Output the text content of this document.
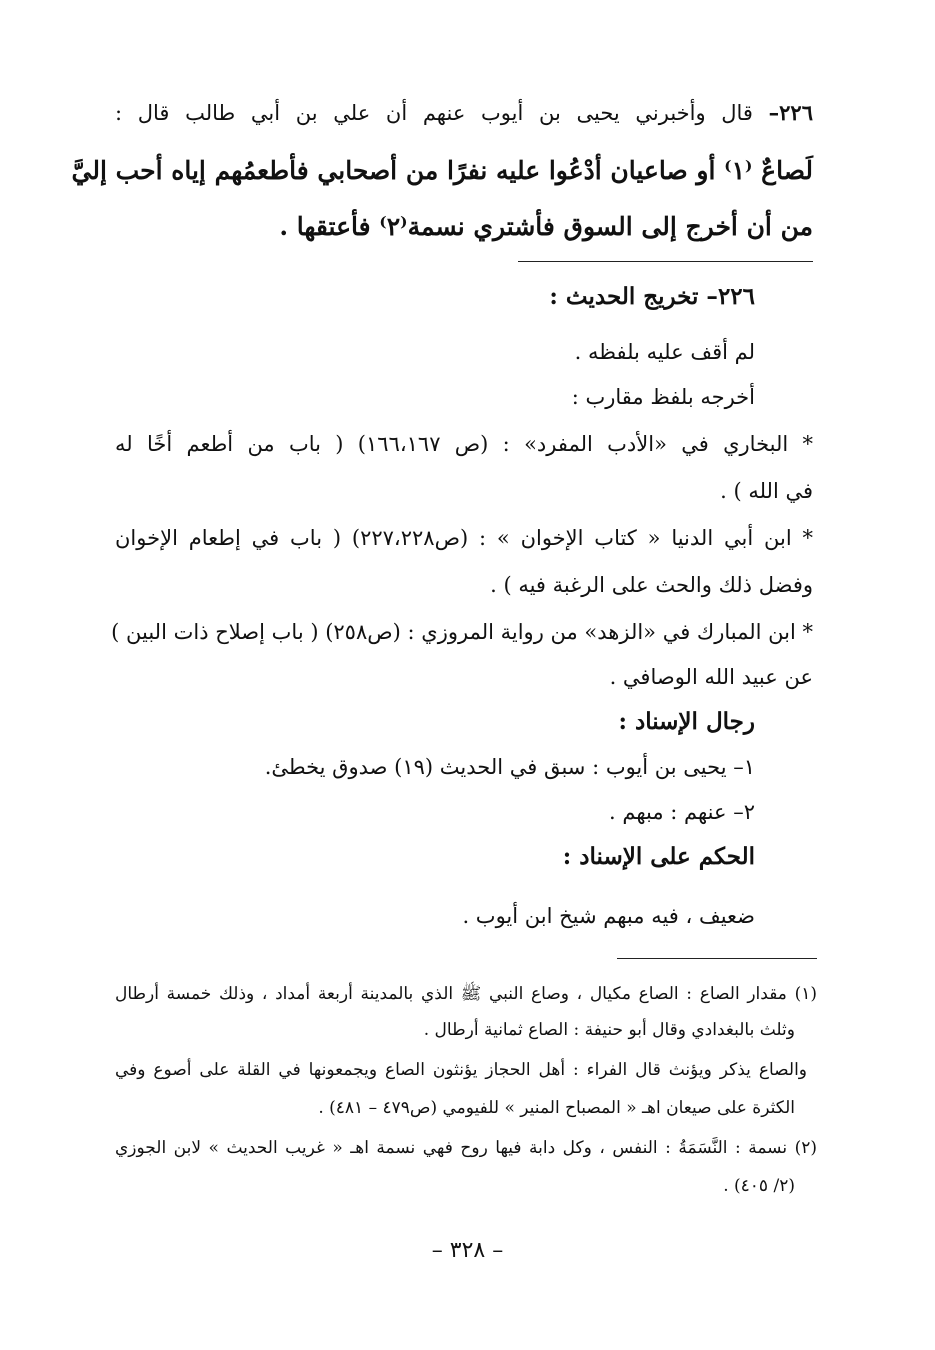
٢٢٦– قال وأخبرني يحيى بن أيوب عنهم أن علي بن أبي طالب قال :
لَصاعٌ ⁽١⁾ أو صاعيان أدْعُوا عليه نفرًا من أصحابي فأطعمُهم إياه أحب إليَّ
من أن أخرج إلى السوق فأشتري نسمة⁽٢⁾ فأعتقها .
٢٢٦– تخريج الحديث :
لم أقف عليه بلفظه .
أخرجه بلفظ مقارب :
* البخاري في «الأدب المفرد» : (ص ١٦٦،١٦٧) ( باب من أطعم أخًا له
في الله ) .
* ابن أبي الدنيا « كتاب الإخوان » : (ص٢٢٧،٢٢٨) ( باب في إطعام الإخوان
وفضل ذلك والحث على الرغبة فيه ) .
* ابن المبارك في «الزهد» من رواية المروزي : (ص٢٥٨) ( باب إصلاح ذات البين )
عن عبيد الله الوصافي .
رجال الإسناد :
١– يحيى بن أيوب : سبق في الحديث (١٩) صدوق يخطئ.
٢– عنهم : مبهم .
الحكم على الإسناد :
ضعيف ، فيه مبهم شيخ ابن أيوب .
(١) مقدار الصاع : الصاع مكيال ، وصاع النبي ﷺ الذي بالمدينة أربعة أمداد ، وذلك خمسة أرطال
وثلث بالبغدادي وقال أبو حنيفة : الصاع ثمانية أرطال .
والصاع يذكر ويؤنث قال الفراء : أهل الحجاز يؤنثون الصاع ويجمعونها في القلة على أصوع وفي
الكثرة على صيعان اهـ « المصباح المنير » للفيومي (ص٤٧٩ – ٤٨١) .
(٢) نسمة : النَّسَمَةُ : النفس ، وكل دابة فيها روح فهي نسمة اهـ « غريب الحديث » لابن الجوزي
(٢/ ٤٠٥) .
– ٣٢٨ –
